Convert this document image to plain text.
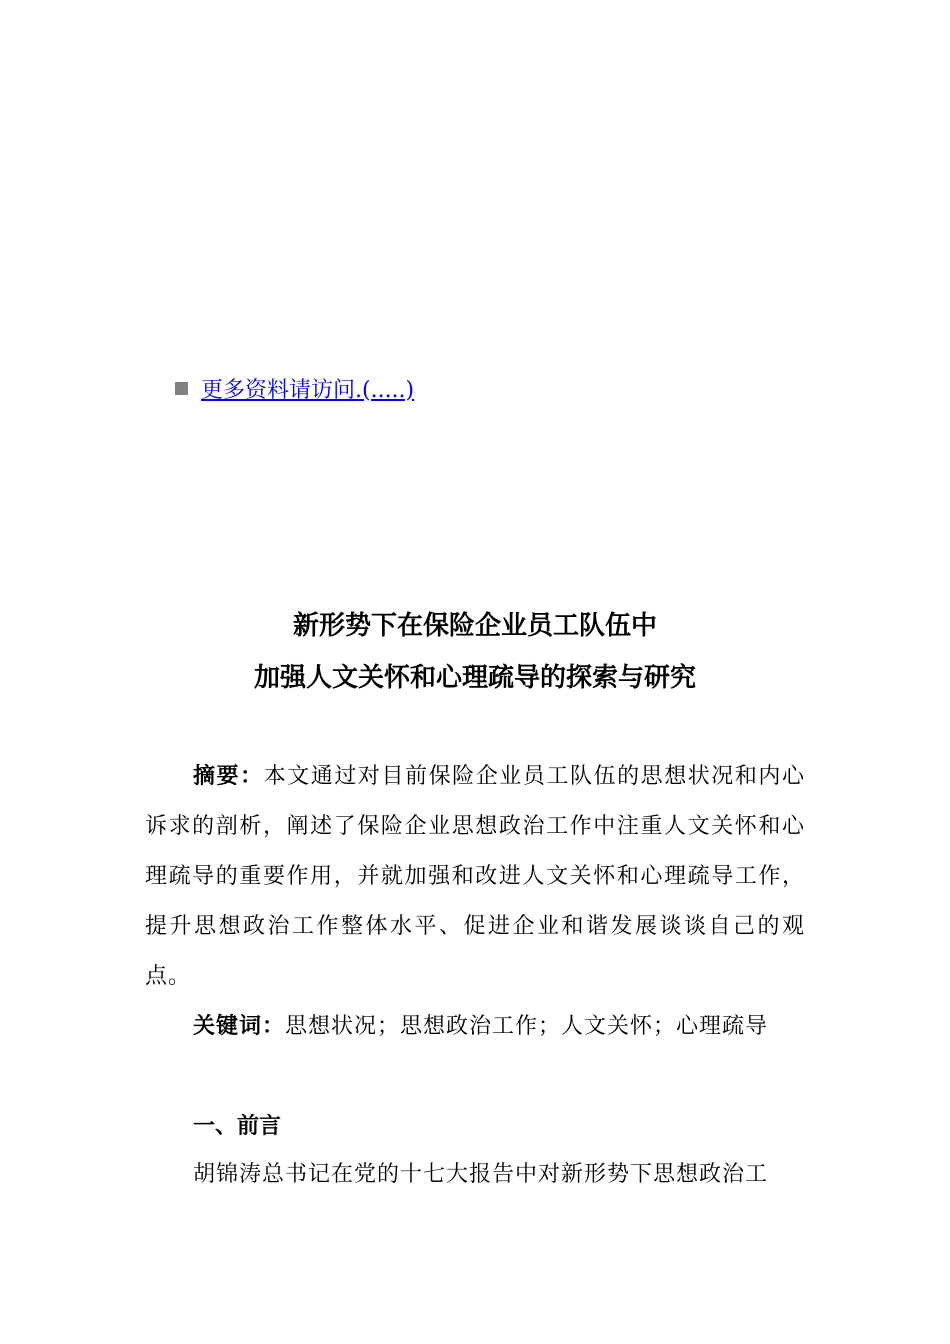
更多资料请访问.(.....)
新形势下在保险企业员工队伍中
加强人文关怀和心理疏导的探索与研究

摘要：本文通过对目前保险企业员工队伍的思想状况和内心诉求的剖析，阐述了保险企业思想政治工作中注重人文关怀和心理疏导的重要作用，并就加强和改进人文关怀和心理疏导工作，提升思想政治工作整体水平、促进企业和谐发展谈谈自己的观点。

关键词：思想状况；思想政治工作；人文关怀；心理疏导

一、前言

胡锦涛总书记在党的十七大报告中对新形势下思想政治工
